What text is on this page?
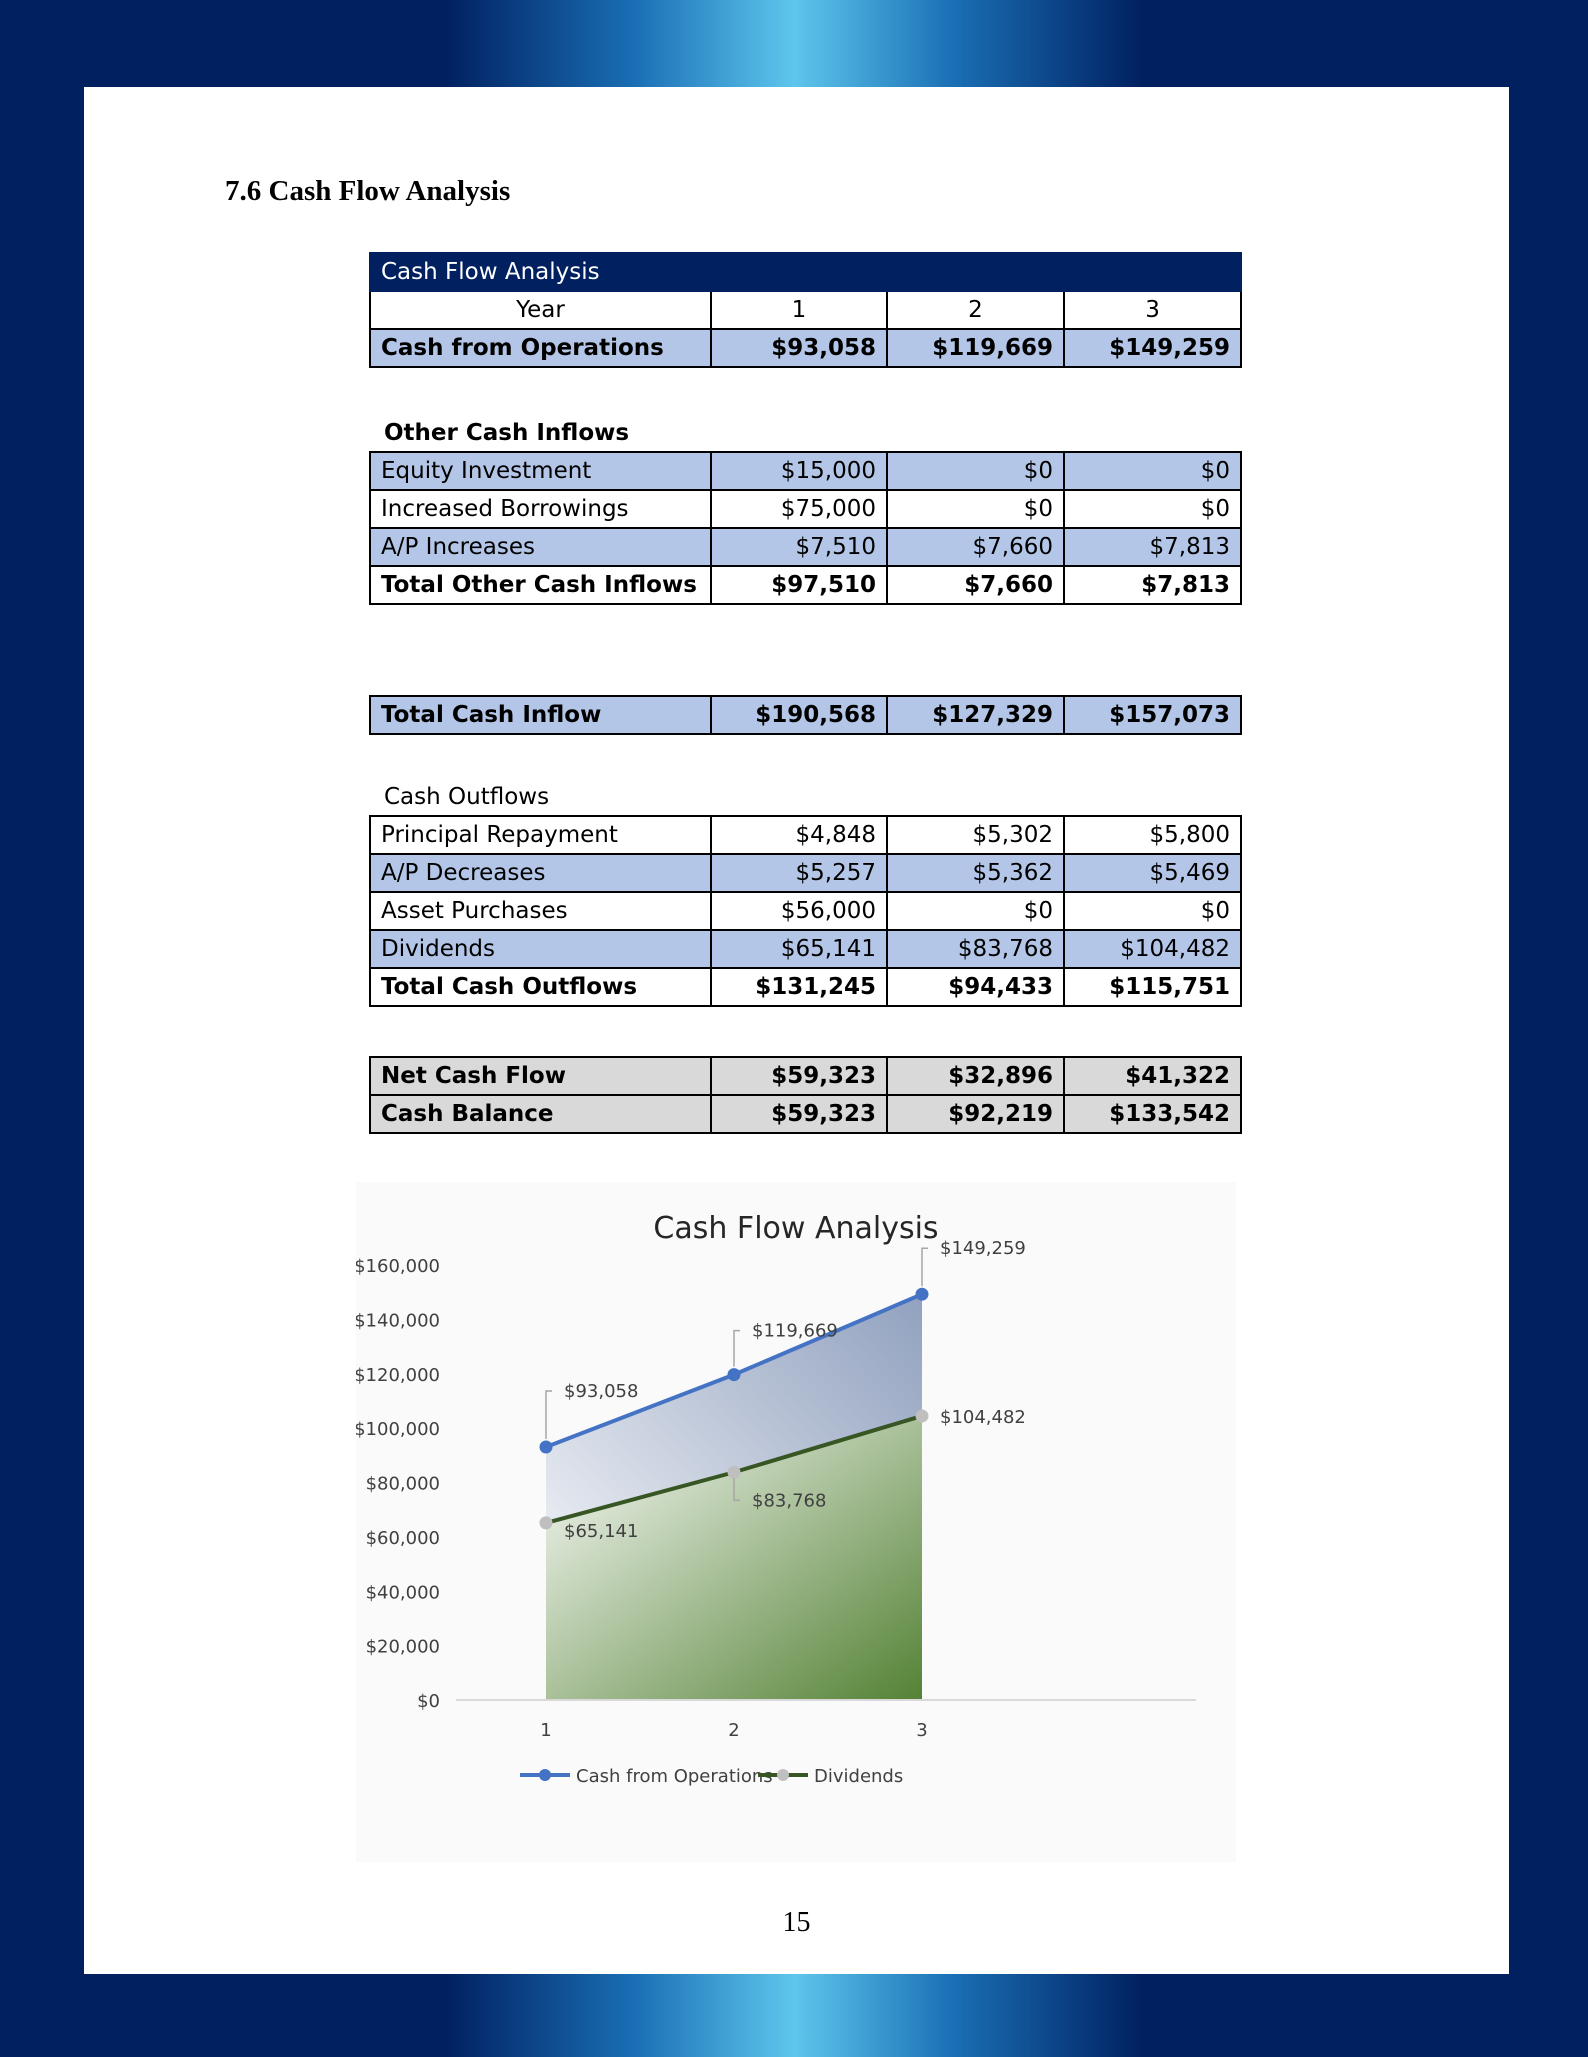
7.6 Cash Flow Analysis
Cash Flow Analysis			
Year	1	2	3
Cash from Operations	$93,058	$119,669	$149,259
Other Cash Inflows
Equity Investment	$15,000	$0	$0
Increased Borrowings	$75,000	$0	$0
A/P Increases	$7,510	$7,660	$7,813
Total Other Cash Inflows	$97,510	$7,660	$7,813
Total Cash Inflow	$190,568	$127,329	$157,073
Cash Outflows
Principal Repayment	$4,848	$5,302	$5,800
A/P Decreases	$5,257	$5,362	$5,469
Asset Purchases	$56,000	$0	$0
Dividends	$65,141	$83,768	$104,482
Total Cash Outflows	$131,245	$94,433	$115,751
Net Cash Flow	$59,323	$32,896	$41,322
Cash Balance	$59,323	$92,219	$133,542
Cash Flow Analysis
$0
$20,000
$40,000
$60,000
$80,000
$100,000
$120,000
$140,000
$160,000
1	2	3
$93,058
$119,669
$149,259
$65,141
$83,768
$104,482
Cash from Operations Dividends
15
